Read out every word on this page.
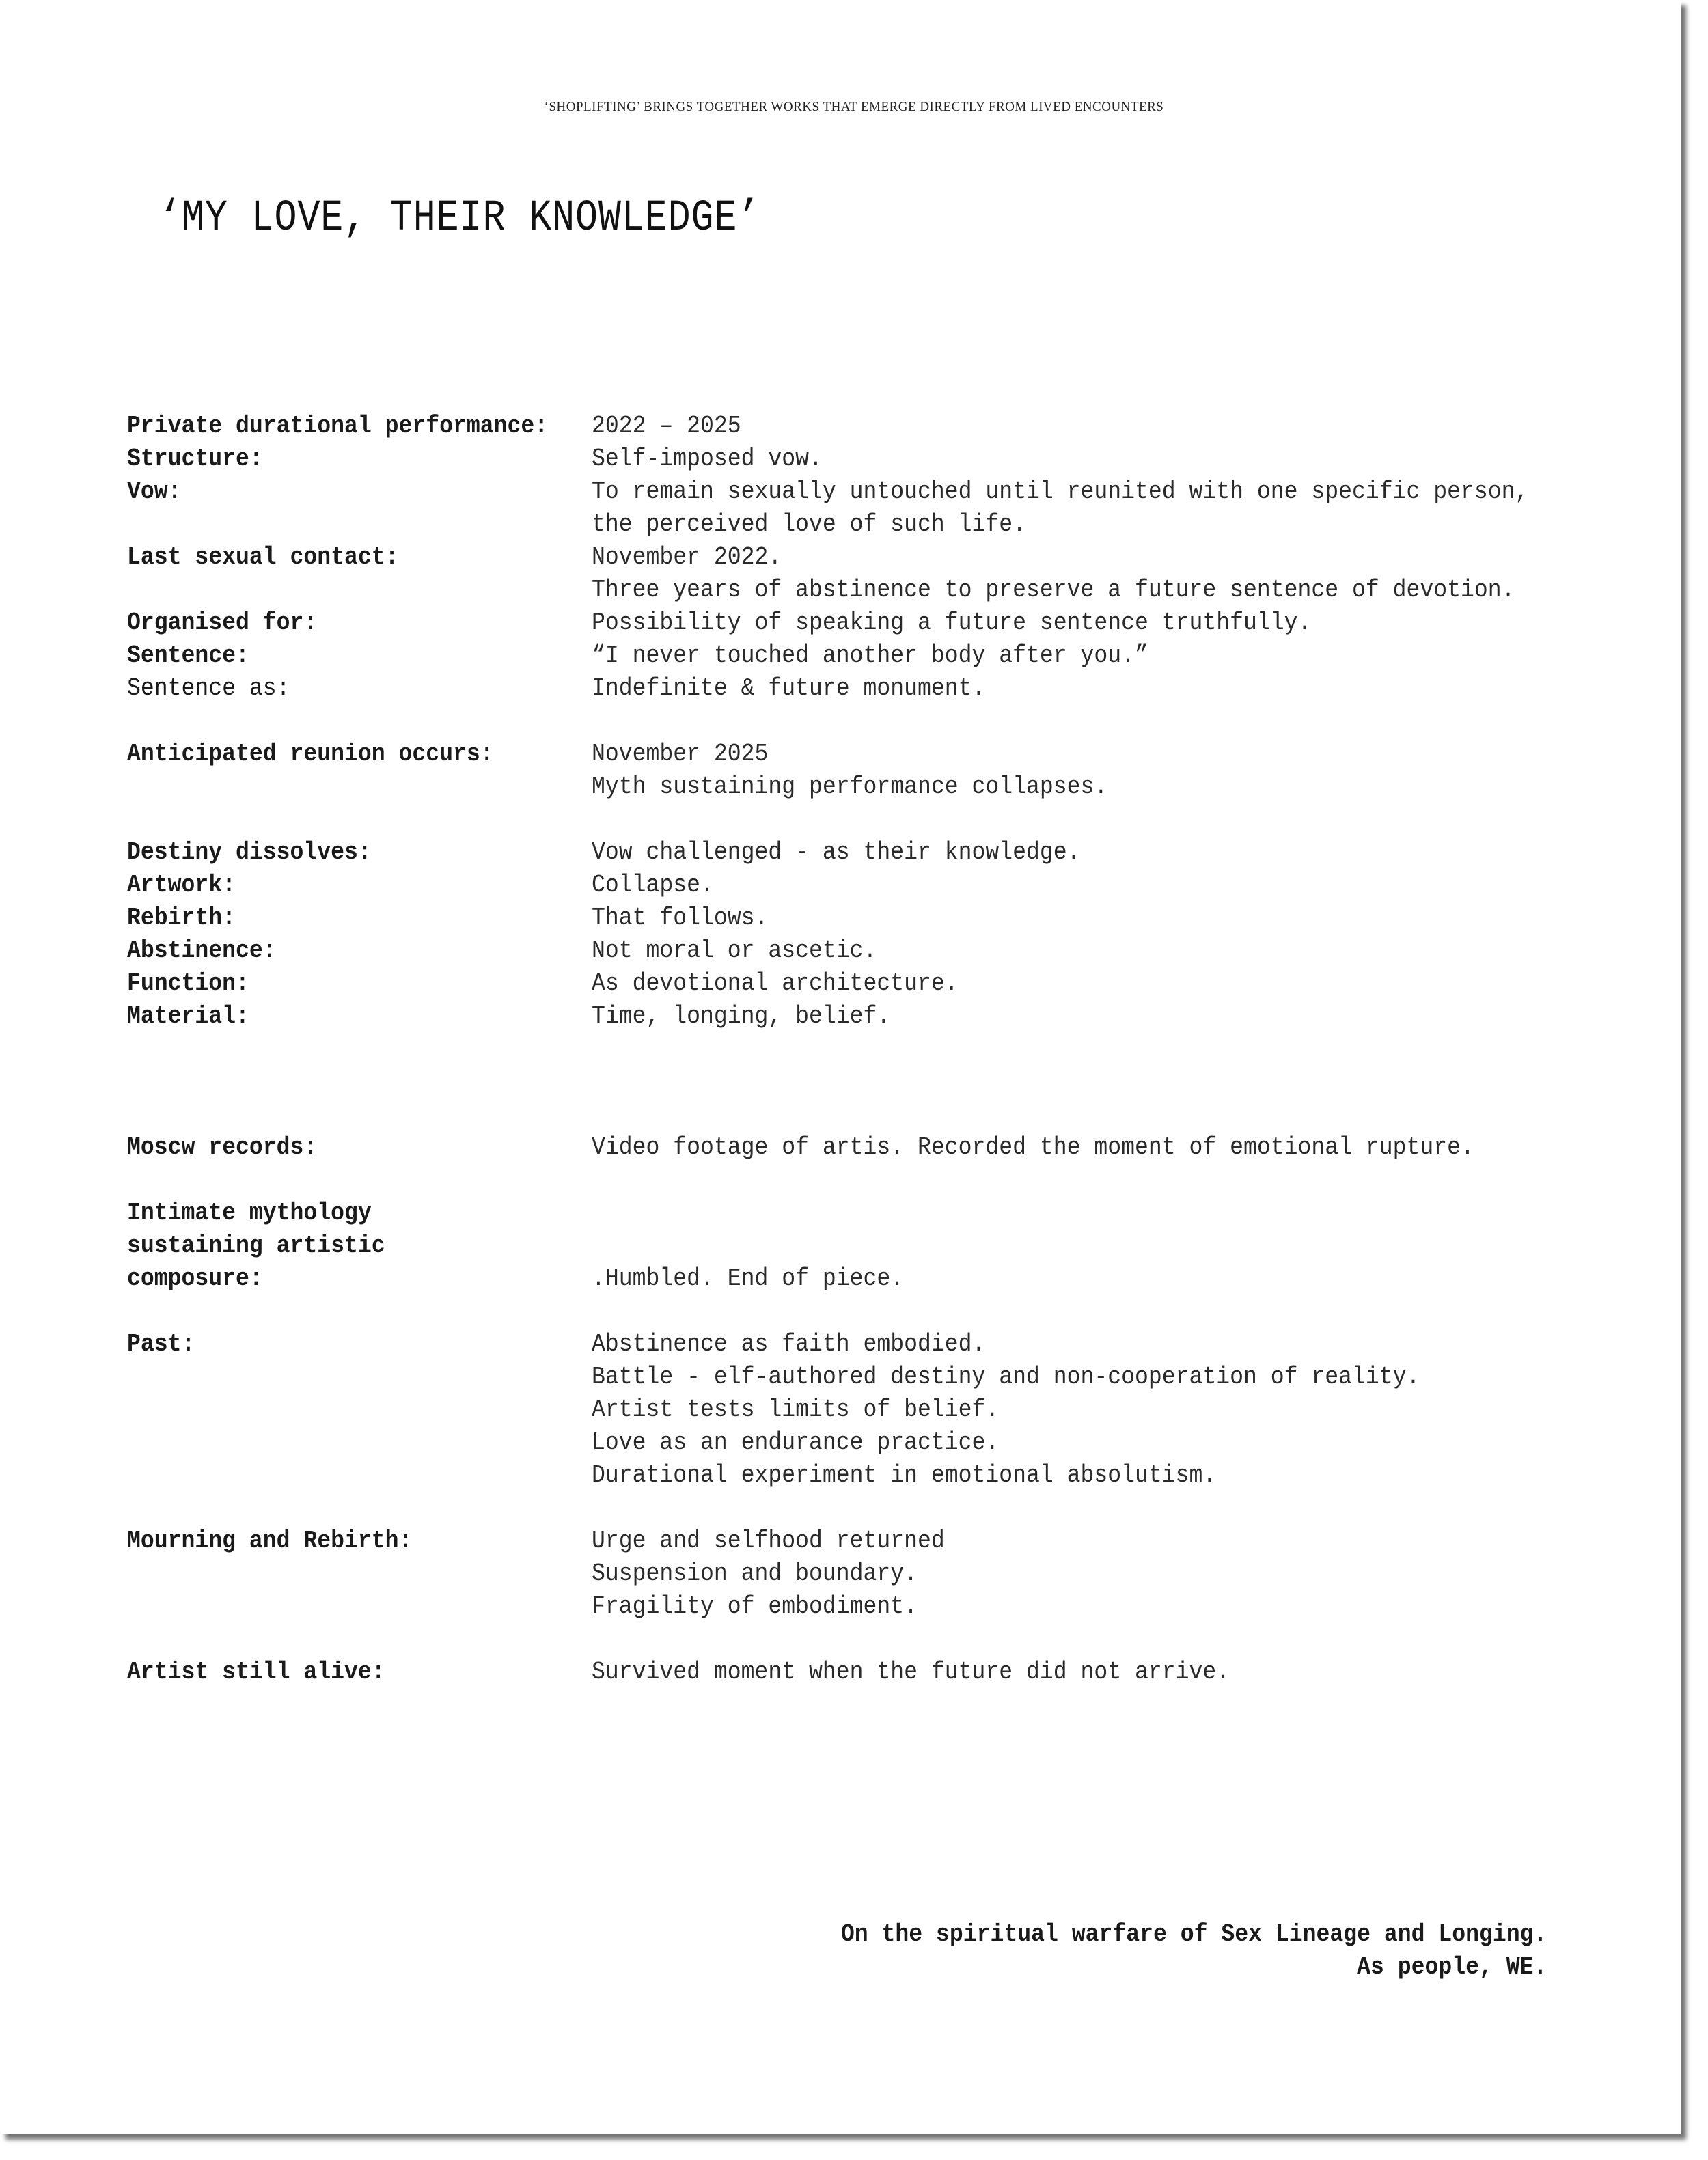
‘SHOPLIFTING’ BRINGS TOGETHER WORKS THAT EMERGE DIRECTLY FROM LIVED ENCOUNTERS
‘MY LOVE, THEIR KNOWLEDGE’
Private durational performance: 2022 – 2025
Structure:	Self-imposed vow.
Vow:	To remain sexually untouched until reunited with one specific person,
the perceived love of such life.
Last sexual contact:	November 2022.
Three years of abstinence to preserve a future sentence of devotion.
Organised for:	Possibility of speaking a future sentence truthfully.
Sentence:	“I never touched another body after you.”
Sentence as:	Indefinite & future monument.
Anticipated reunion occurs:	November 2025
Myth sustaining performance collapses.
Destiny dissolves:	Vow challenged - as their knowledge.
Artwork:	Collapse.
Rebirth:	That follows.
Abstinence:	Not moral or ascetic.
Function:	As devotional architecture.
Material:	Time, longing, belief.
Moscw records:	Video footage of artis. Recorded the moment of emotional rupture.
Intimate mythology
sustaining artistic
composure:	.Humbled. End of piece.
Past:	Abstinence as faith embodied.
Battle - elf-authored destiny and non-cooperation of reality.
Artist tests limits of belief.
Love as an endurance practice.
Durational experiment in emotional absolutism.
Mourning and Rebirth:	Urge and selfhood returned
Suspension and boundary.
Fragility of embodiment.
Artist still alive:	Survived moment when the future did not arrive.
On the spiritual warfare of Sex Lineage and Longing.
As people, WE.
